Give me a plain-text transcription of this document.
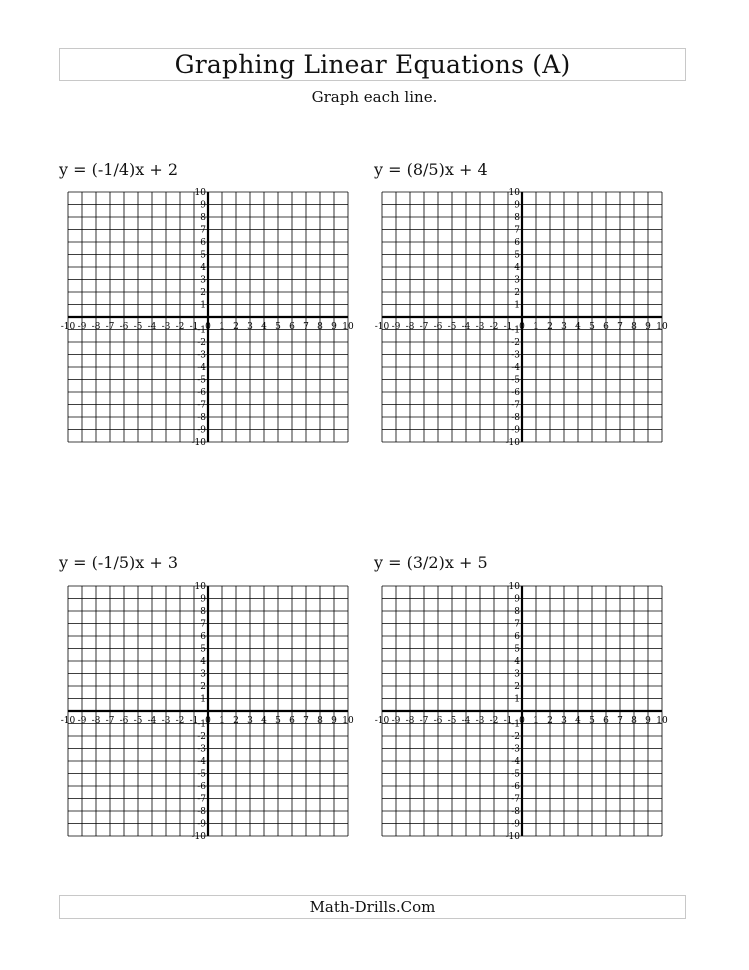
Graphing Linear Equations (A)
Graph each line.
y = (-1/4)x + 2	y = (8/5)x + 4
y = (-1/5)x + 3	y = (3/2)x + 5
-10 -9 -8 -7 -6 -5 -4 -3 -2 -1 0 1 2 3 4 5 6 7 8 9 10
10
9
8
7
6
5
4
3
2
1
-1
-2
-3
-4
-5
-6
-7
-8
-9
-10
-10 -9 -8 -7 -6 -5 -4 -3 -2 -1 0 1 2 3 4 5 6 7 8 9 10
10
9
8
7
6
5
4
3
2
1
-1
-2
-3
-4
-5
-6
-7
-8
-9
-10
-10 -9 -8 -7 -6 -5 -4 -3 -2 -1 0 1 2 3 4 5 6 7 8 9 10
10
9
8
7
6
5
4
3
2
1
-1
-2
-3
-4
-5
-6
-7
-8
-9
-10
-10 -9 -8 -7 -6 -5 -4 -3 -2 -1 0 1 2 3 4 5 6 7 8 9 10
10
9
8
7
6
5
4
3
2
1
-1
-2
-3
-4
-5
-6
-7
-8
-9
-10
Math-Drills.Com
